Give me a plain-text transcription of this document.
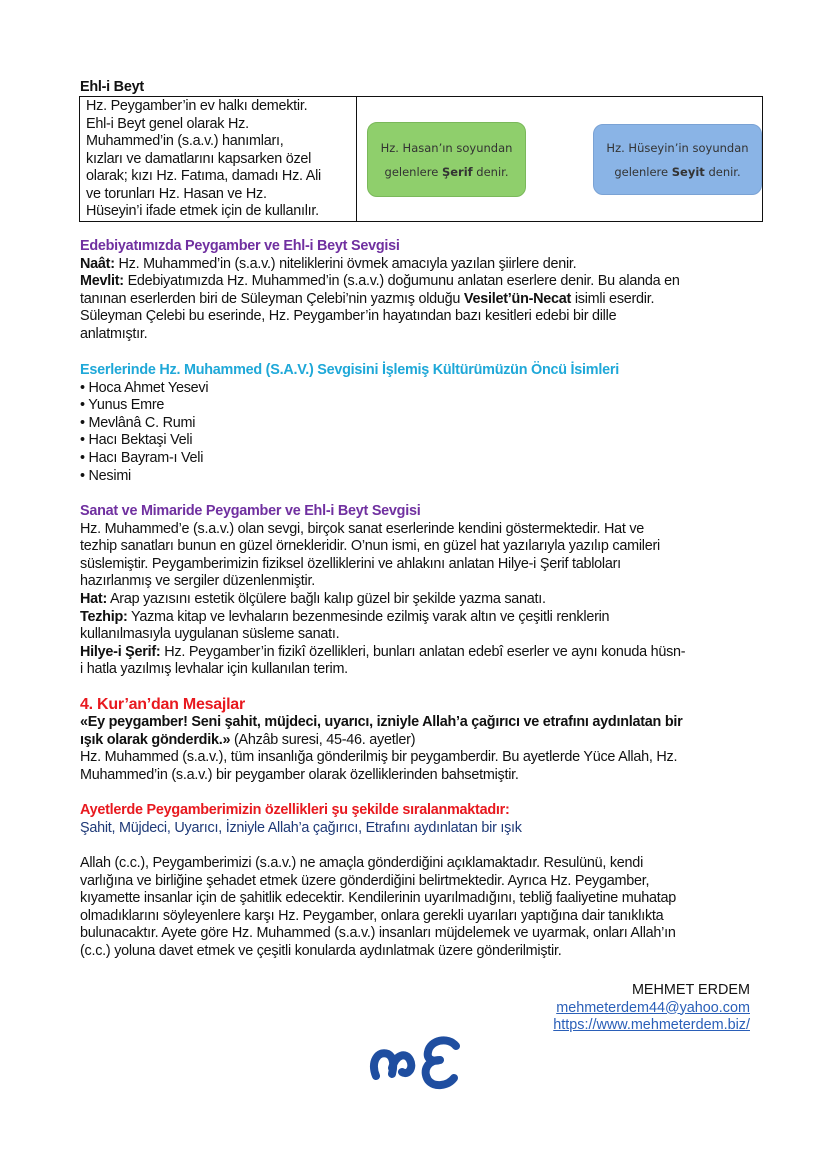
Ehl-i Beyt
Hz. Peygamber’in ev halkı demektir.
Ehl-i Beyt genel olarak Hz.
Muhammed’in (s.a.v.) hanımları,
kızları ve damatlarını kapsarken özel
olarak; kızı Hz. Fatıma, damadı Hz. Ali
ve torunları Hz. Hasan ve Hz.
Hüseyin’i ifade etmek için de kullanılır.

Hz. Hasan’ın soyundan
gelenlere Şerif denir.
Hz. Hüseyin’in soyundan
gelenlere Seyit denir.
Edebiyatımızda Peygamber ve Ehl-i Beyt Sevgisi
Naât: Hz. Muhammed’in (s.a.v.) niteliklerini övmek amacıyla yazılan şiirlere denir.
Mevlit: Edebiyatımızda Hz. Muhammed’in (s.a.v.) doğumunu anlatan eserlere denir. Bu alanda en
tanınan eserlerden biri de Süleyman Çelebi’nin yazmış olduğu Vesilet’ün-Necat isimli eserdir.
Süleyman Çelebi bu eserinde, Hz. Peygamber’in hayatından bazı kesitleri edebi bir dille
anlatmıştır.
Eserlerinde Hz. Muhammed (S.A.V.) Sevgisini İşlemiş Kültürümüzün Öncü İsimleri
• Hoca Ahmet Yesevi
• Yunus Emre
• Mevlânâ C. Rumi
• Hacı Bektaşi Veli
• Hacı Bayram-ı Veli
• Nesimi
Sanat ve Mimaride Peygamber ve Ehl-i Beyt Sevgisi
Hz. Muhammed’e (s.a.v.) olan sevgi, birçok sanat eserlerinde kendini göstermektedir. Hat ve
tezhip sanatları bunun en güzel örnekleridir. O’nun ismi, en güzel hat yazılarıyla yazılıp camileri
süslemiştir. Peygamberimizin fiziksel özelliklerini ve ahlakını anlatan Hilye-i Şerif tabloları
hazırlanmış ve sergiler düzenlenmiştir.
Hat: Arap yazısını estetik ölçülere bağlı kalıp güzel bir şekilde yazma sanatı.
Tezhip: Yazma kitap ve levhaların bezenmesinde ezilmiş varak altın ve çeşitli renklerin
kullanılmasıyla uygulanan süsleme sanatı.
Hilye-i Şerif: Hz. Peygamber’in fizikî özellikleri, bunları anlatan edebî eserler ve aynı konuda hüsn-
i hatla yazılmış levhalar için kullanılan terim.
4. Kur’an’dan Mesajlar
«Ey peygamber! Seni şahit, müjdeci, uyarıcı, izniyle Allah’a çağırıcı ve etrafını aydınlatan bir
ışık olarak gönderdik.» (Ahzâb suresi, 45-46. ayetler)
Hz. Muhammed (s.a.v.), tüm insanlığa gönderilmiş bir peygamberdir. Bu ayetlerde Yüce Allah, Hz.
Muhammed’in (s.a.v.) bir peygamber olarak özelliklerinden bahsetmiştir.
Ayetlerde Peygamberimizin özellikleri şu şekilde sıralanmaktadır:
Şahit, Müjdeci, Uyarıcı, İzniyle Allah’a çağırıcı, Etrafını aydınlatan bir ışık
Allah (c.c.), Peygamberimizi (s.a.v.) ne amaçla gönderdiğini açıklamaktadır. Resulünü, kendi
varlığına ve birliğine şehadet etmek üzere gönderdiğini belirtmektedir. Ayrıca Hz. Peygamber,
kıyamette insanlar için de şahitlik edecektir. Kendilerinin uyarılmadığını, tebliğ faaliyetine muhatap
olmadıklarını söyleyenlere karşı Hz. Peygamber, onlara gerekli uyarıları yaptığına dair tanıklıkta
bulunacaktır. Ayete göre Hz. Muhammed (s.a.v.) insanları müjdelemek ve uyarmak, onları Allah’ın
(c.c.) yoluna davet etmek ve çeşitli konularda aydınlatmak üzere gönderilmiştir.
MEHMET ERDEM
mehmeterdem44@yahoo.com
https://www.mehmeterdem.biz/
